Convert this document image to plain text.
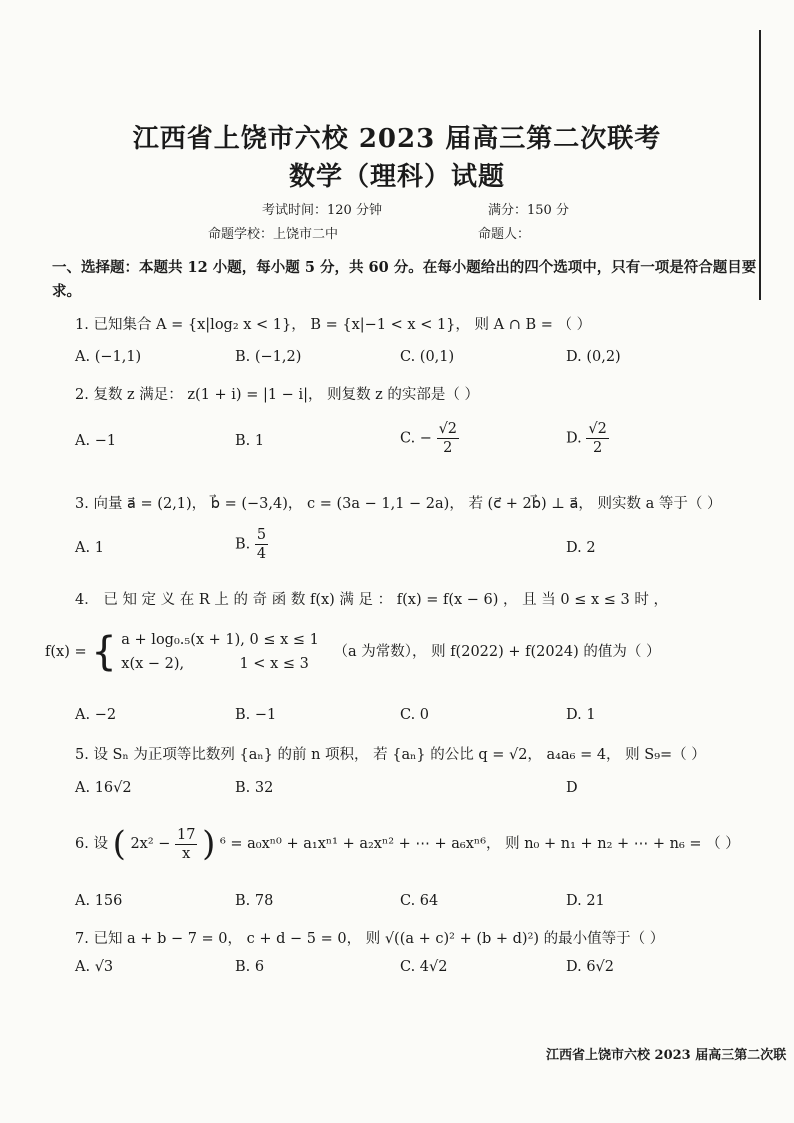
江西省上饶市六校 2023 届高三第二次联考
数学（理科）试题
考试时间：120 分钟	满分：150 分
命题学校：上饶市二中	命题人：
一、选择题：本题共 12 小题，每小题 5 分，共 60 分。在每小题给出的四个选项中，只有一项是符合题目要求。
1. 已知集合 A = {x|log₂ x < 1}， B = {x|−1 < x < 1}， 则 A ∩ B = （ ）
A. (−1,1)	B. (−1,2)	C. (0,1)	D. (0,2)
2. 复数 z 满足： z(1 + i) = |1 − i|， 则复数 z 的实部是（ ）
A. −1	B. 1	C. − $\frac{√2}{2}$	D. $\frac{√2}{2}$
3. 向量 a⃗ = (2,1)， b⃗ = (−3,4)， c = (3a − 1,1 − 2a)， 若 (c⃗ + 2b⃗) ⊥ a⃗， 则实数 a 等于（ ）
A. 1	B. $\frac{5}{4}$	D. 2
4． 已 知 定 义 在 R 上 的 奇 函 数 f(x) 满 足 ： f(x) = f(x − 6) ， 且 当 0 ≤ x ≤ 3 时 ，
f(x) = { a + log₀.₅(x + 1), 0 ≤ x ≤ 1
x(x − 2),            1 < x ≤ 3
（a 为常数）， 则 f(2022) + f(2024) 的值为（ ）
A. −2	B. −1	C. 0	D. 1
5. 设 Sₙ 为正项等比数列 {aₙ} 的前 n 项积， 若 {aₙ} 的公比 q = √2， a₄a₆ = 4， 则 S₉=（ ）
A. 16√2	B. 32	D
6. 设 ( $2x^2 - \frac{17}{x}$ ) ⁶ = a₀xⁿ⁰ + a₁xⁿ¹ + a₂xⁿ² + ⋯ + a₆xⁿ⁶， 则 n₀ + n₁ + n₂ + ⋯ + n₆ = （ ）
A. 156	B. 78	C. 64	D. 21
7. 已知 a + b − 7 = 0， c + d − 5 = 0， 则 √((a + c)² + (b + d)²) 的最小值等于（ ）
A. √3	B. 6	C. 4√2	D. 6√2
江西省上饶市六校 2023 届高三第二次联
